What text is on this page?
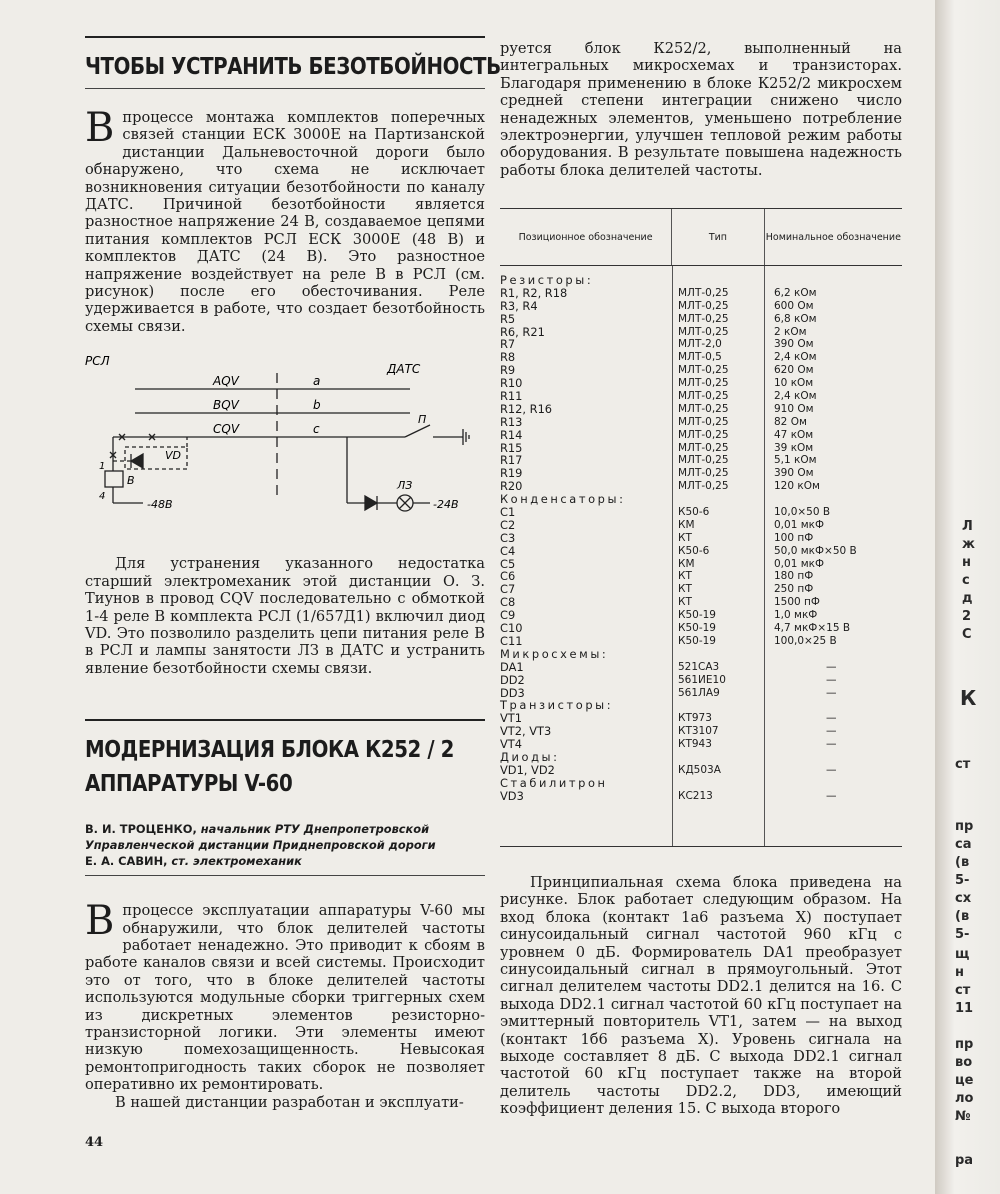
ЧТОБЫ УСТРАНИТЬ БЕЗОТБОЙНОСТЬ

Впроцессе монтажа комплектов поперечных связей станции ЕСК 3000Е на Партизанской дистанции Дальневосточной дороги было обнаружено, что схема не исключает возникновения ситуации безотбойности по каналу ДАТС. Причиной безотбойности является разностное напряжение 24 В, создаваемое цепями питания комплектов РСЛ ЕСК 3000Е (48 В) и комплектов ДАТС (24 В). Это разностное напряжение воздействует на реле В в РСЛ (см. рисунок) после его обесточивания. Реле удерживается в работе, что создает безотбойность схемы связи.

РСЛ
ДАТС
AQV
BQV
CQV
a
b
c
VD
П
ЛЗ
В
1
4
-48В	-24В

Для устранения указанного недостатка старший электромеханик этой дистанции О. З. Тиунов в провод CQV последовательно с обмоткой 1-4 реле В комплекта РСЛ (1/657Д1) включил диод VD. Это позволило разделить цепи питания реле В в РСЛ и лампы занятости ЛЗ в ДАТС и устранить явление безотбойности схемы связи.

МОДЕРНИЗАЦИЯ БЛОКА К252 / 2
АППАРАТУРЫ V-60
В. И. ТРОЦЕНКО, начальник РТУ Днепропетровской Управленческой дистанции Приднепровской дороги
Е. А. САВИН, ст. электромеханик

Впроцессе эксплуатации аппаратуры V-60 мы обнаружили, что блок делителей частоты работает ненадежно. Это приводит к сбоям в работе каналов связи и всей системы. Происходит это от того, что в блоке делителей частоты используются модульные сборки триггерных схем из дискретных элементов резисторно-транзисторной логики. Эти элементы имеют низкую помехозащищенность. Невысокая ремонтопригодность таких сборок не позволяет оперативно их ремонтировать.

В нашей дистанции разработан и эксплуати-

руется блок К252/2, выполненный на интегральных микросхемах и транзисторах. Благодаря применению в блоке К252/2 микросхем средней степени интеграции снижено число ненадежных элементов, уменьшено потребление электроэнергии, улучшен тепловой режим работы оборудования. В результате повышена надежность работы блока делителей частоты.

Позиционное обозначение	Тип	Номинальное обозначение
Резисторы:
R1, R2, R18	МЛТ-0,25	6,2 кОм
R3, R4	МЛТ-0,25	600 Ом
R5	МЛТ-0,25	6,8 кОм
R6, R21	МЛТ-0,25	2 кОм
R7	МЛТ-2,0	390 Ом
R8	МЛТ-0,5	2,4 кОм
R9	МЛТ-0,25	620 Ом
R10	МЛТ-0,25	10 кОм
R11	МЛТ-0,25	2,4 кОм
R12, R16	МЛТ-0,25	910 Ом
R13	МЛТ-0,25	82 Ом
R14	МЛТ-0,25	47 кОм
R15	МЛТ-0,25	39 кОм
R17	МЛТ-0,25	5,1 кОм
R19	МЛТ-0,25	390 Ом
R20	МЛТ-0,25	120 кОм
Конденсаторы:
C1	К50-6	10,0×50 В
C2	КМ	0,01 мкФ
C3	КТ	100 пФ
C4	К50-6	50,0 мкФ×50 В
C5	КМ	0,01 мкФ
C6	КТ	180 пФ
C7	КТ	250 пФ
C8	КТ	1500 пФ
C9	К50-19	1,0 мкФ
C10	К50-19	4,7 мкФ×15 В
C11	К50-19	100,0×25 В
Микросхемы:
DA1	521СА3	—
DD2	561ИЕ10	—
DD3	561ЛА9	—
Транзисторы:
VT1	КТ973	—
VT2, VT3	КТ3107	—
VT4	КТ943	—
Диоды:
VD1, VD2	КД503А	—
Стабилитрон
VD3	КС213	—

Принципиальная схема блока приведена на рисунке. Блок работает следующим образом. На вход блока (контакт 1а6 разъема X) поступает синусоидальный сигнал частотой 960 кГц с уровнем 0 дБ. Формирователь DA1 преобразует синусоидальный сигнал в прямоугольный. Этот сигнал делителем частоты DD2.1 делится на 16. С выхода DD2.1 сигнал частотой 60 кГц поступает на эмиттерный повторитель VT1, затем — на выход (контакт 1б6 разъема X). Уровень сигнала на выходе составляет 8 дБ. С выхода DD2.1 сигнал частотой 60 кГц поступает также на второй делитель частоты DD2.2, DD3, имеющий коэффициент деления 15. С выхода второго

44
Л
ж
н
с
д
2
С
К
ст
пр
са
(в
5-
сх
(в
5-
щ
н
ст
11
пр
во
це
ло
№
ра
